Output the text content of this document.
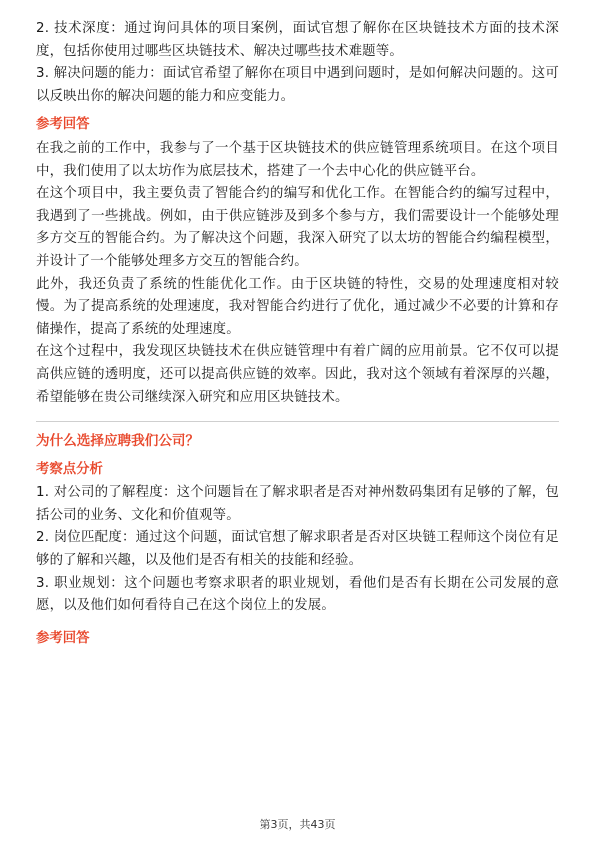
2. 技术深度：通过询问具体的项目案例，面试官想了解你在区块链技术方面的技术深度，包括你使用过哪些区块链技术、解决过哪些技术难题等。

3. 解决问题的能力：面试官希望了解你在项目中遇到问题时，是如何解决问题的。这可以反映出你的解决问题的能力和应变能力。

参考回答

在我之前的工作中，我参与了一个基于区块链技术的供应链管理系统项目。在这个项目中，我们使用了以太坊作为底层技术，搭建了一个去中心化的供应链平台。

在这个项目中，我主要负责了智能合约的编写和优化工作。在智能合约的编写过程中，我遇到了一些挑战。例如，由于供应链涉及到多个参与方，我们需要设计一个能够处理多方交互的智能合约。为了解决这个问题，我深入研究了以太坊的智能合约编程模型，并设计了一个能够处理多方交互的智能合约。

此外，我还负责了系统的性能优化工作。由于区块链的特性，交易的处理速度相对较慢。为了提高系统的处理速度，我对智能合约进行了优化，通过减少不必要的计算和存储操作，提高了系统的处理速度。

在这个过程中，我发现区块链技术在供应链管理中有着广阔的应用前景。它不仅可以提高供应链的透明度，还可以提高供应链的效率。因此，我对这个领域有着深厚的兴趣，希望能够在贵公司继续深入研究和应用区块链技术。

为什么选择应聘我们公司？
考察点分析

1. 对公司的了解程度：这个问题旨在了解求职者是否对神州数码集团有足够的了解，包括公司的业务、文化和价值观等。

2. 岗位匹配度：通过这个问题，面试官想了解求职者是否对区块链工程师这个岗位有足够的了解和兴趣，以及他们是否有相关的技能和经验。

3. 职业规划：这个问题也考察求职者的职业规划，看他们是否有长期在公司发展的意愿，以及他们如何看待自己在这个岗位上的发展。

参考回答
第3页，共43页
